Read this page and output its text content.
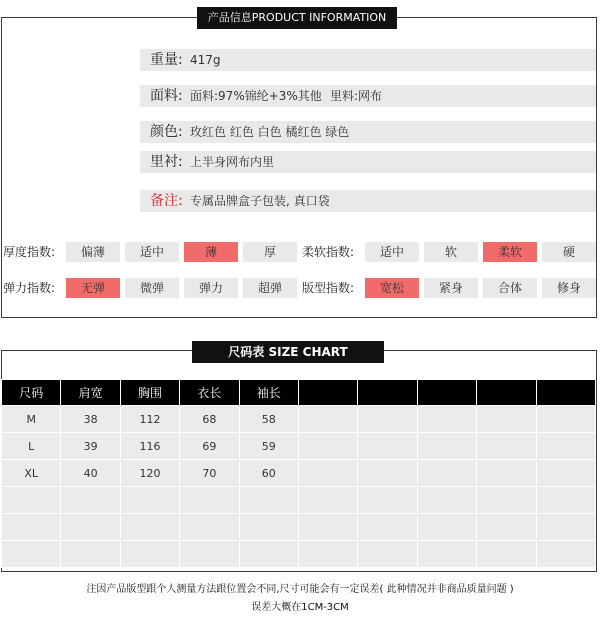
产品信息PRODUCT INFORMATION
重量: 417g
面料: 面料:97%锦纶+3%其他 里料:网布
颜色: 玫红色 红色 白色 橘红色 绿色
里衬: 上半身网布内里
备注: 专属品牌盒子包装, 真口袋
厚度指数:	偏薄	适中	薄	厚	柔软指数:	适中	软	柔软	硬
弹力指数:	无弹	微弹	弹力	超弹	版型指数:	宽松	紧身	合体	修身
尺码表 SIZE CHART
尺码	肩宽	胸围	衣长	袖长					
M	38	112	68	58					
L	39	116	69	59					
XL	40	120	70	60					

注因产品版型跟个人测量方法跟位置会不同,尺寸可能会有一定误差( 此种情况并非商品质量问题 )
误差大概在1CM-3CM
